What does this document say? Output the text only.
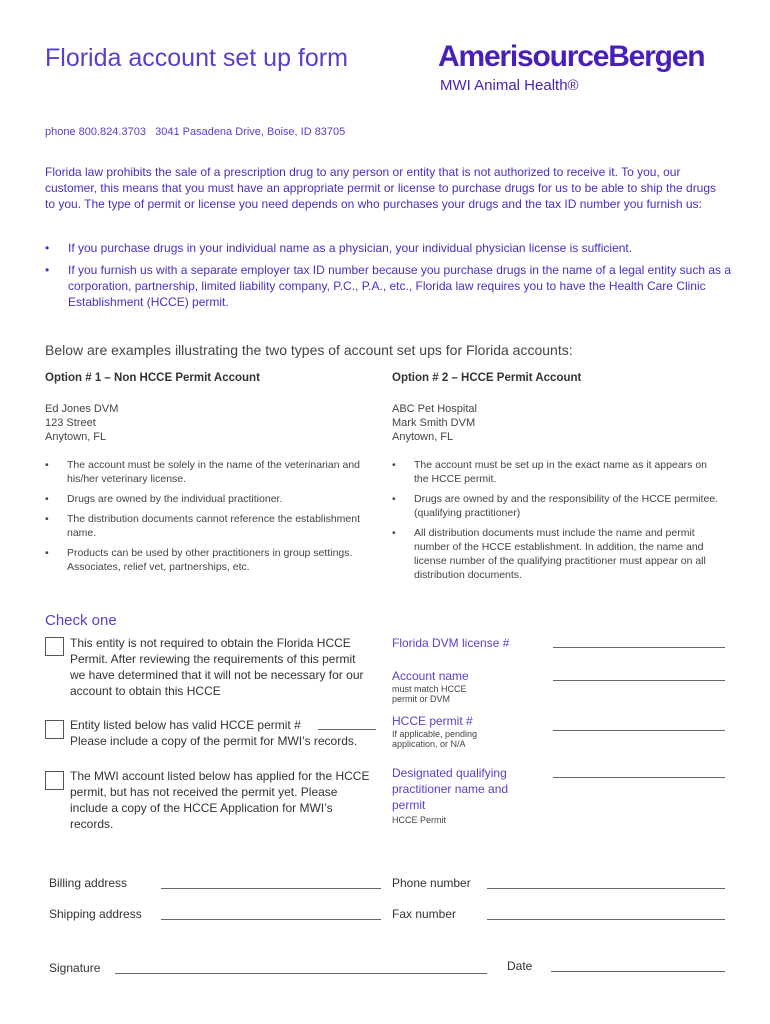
Florida account set up form	AmerisourceBergen
MWI Animal Health®
phone 800.824.3703   3041 Pasadena Drive, Boise, ID 83705
Florida law prohibits the sale of a prescription drug to any person or entity that is not authorized to receive it. To you, our customer, this means that you must have an appropriate permit or license to purchase drugs for us to be able to ship the drugs to you. The type of permit or license you need depends on who purchases your drugs and the tax ID number you furnish us:
• If you purchase drugs in your individual name as a physician, your individual physician license is sufficient.
• If you furnish us with a separate employer tax ID number because you purchase drugs in the name of a legal entity such as a corporation, partnership, limited liability company, P.C., P.A., etc., Florida law requires you to have the Health Care Clinic Establishment (HCCE) permit.
Below are examples illustrating the two types of account set ups for Florida accounts:
Option # 1 – Non HCCE Permit Account
Ed Jones DVM
123 Street
Anytown, FL
• The account must be solely in the name of the veterinarian and his/her veterinary license.
• Drugs are owned by the individual practitioner.
• The distribution documents cannot reference the establishment name.
• Products can be used by other practitioners in group settings. Associates, relief vet, partnerships, etc.
Option # 2 – HCCE Permit Account
ABC Pet Hospital
Mark Smith DVM
Anytown, FL
• The account must be set up in the exact name as it appears on the HCCE permit.
• Drugs are owned by and the responsibility of the HCCE permitee. (qualifying practitioner)
• All distribution documents must include the name and permit number of the HCCE establishment. In addition, the name and license number of the qualifying practitioner must appear on all distribution documents.
Check one
This entity is not required to obtain the Florida HCCE Permit. After reviewing the requirements of this permit we have determined that it will not be necessary for our account to obtain this HCCE
Entity listed below has valid HCCE permit #
Please include a copy of the permit for MWI’s records.
The MWI account listed below has applied for the HCCE permit, but has not received the permit yet. Please include a copy of the HCCE Application for MWI’s records.
Florida DVM license #
Account name
must match HCCE permit or DVM
HCCE permit #
If applicable, pending application, or N/A
Designated qualifying practitioner name and permit
HCCE Permit
Billing address	Phone number
Shipping address	Fax number
Signature	Date
